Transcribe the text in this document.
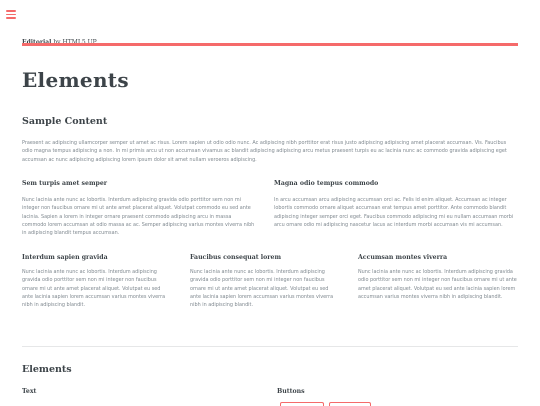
Elements
Sample Content

Praesent ac adipiscing ullamcorper semper ut amet ac risus. Lorem sapien ut odio odio nunc. Ac adipiscing nibh porttitor erat risus justo adipiscing adipiscing amet placerat accumsan. Vis. Faucibus odio magna tempus adipiscing a non. In mi primis arcu ut non accumsan vivamus ac blandit adipiscing adipiscing arcu metus praesent turpis eu ac lacinia nunc ac commodo gravida adipiscing eget accumsan ac nunc adipiscing adipiscing lorem ipsum dolor sit amet nullam veroeros adipiscing.

Sem turpis amet semper

Nunc lacinia ante nunc ac lobortis. Interdum adipiscing gravida odio porttitor sem non mi integer non faucibus ornare mi ut ante amet placerat aliquet. Volutpat commodo eu sed ante lacinia. Sapien a lorem in integer ornare praesent commodo adipiscing arcu in massa commodo lorem accumsan at odio massa ac ac. Semper adipiscing varius montes viverra nibh in adipiscing blandit tempus accumsan.

Magna odio tempus commodo

In arcu accumsan arcu adipiscing accumsan orci ac. Felis id enim aliquet. Accumsan ac integer lobortis commodo ornare aliquet accumsan erat tempus amet porttitor. Ante commodo blandit adipiscing integer semper orci eget. Faucibus commodo adipiscing mi eu nullam accumsan morbi arcu ornare odio mi adipiscing nascetur lacus ac interdum morbi accumsan vis mi accumsan.

Interdum sapien gravida

Nunc lacinia ante nunc ac lobortis. Interdum adipiscing gravida odio porttitor sem non mi integer non faucibus ornare mi ut ante amet placerat aliquet. Volutpat eu sed ante lacinia sapien lorem accumsan varius montes viverra nibh in adipiscing blandit.

Faucibus consequat lorem

Nunc lacinia ante nunc ac lobortis. Interdum adipiscing gravida odio porttitor sem non mi integer non faucibus ornare mi ut ante amet placerat aliquet. Volutpat eu sed ante lacinia sapien lorem accumsan varius montes viverra nibh in adipiscing blandit.

Accumsan montes viverra

Nunc lacinia ante nunc ac lobortis. Interdum adipiscing gravida odio porttitor sem non mi integer non faucibus ornare mi ut ante amet placerat aliquet. Volutpat eu sed ante lacinia sapien lorem accumsan varius montes viverra nibh in adipiscing blandit.

Elements
Text	Buttons
